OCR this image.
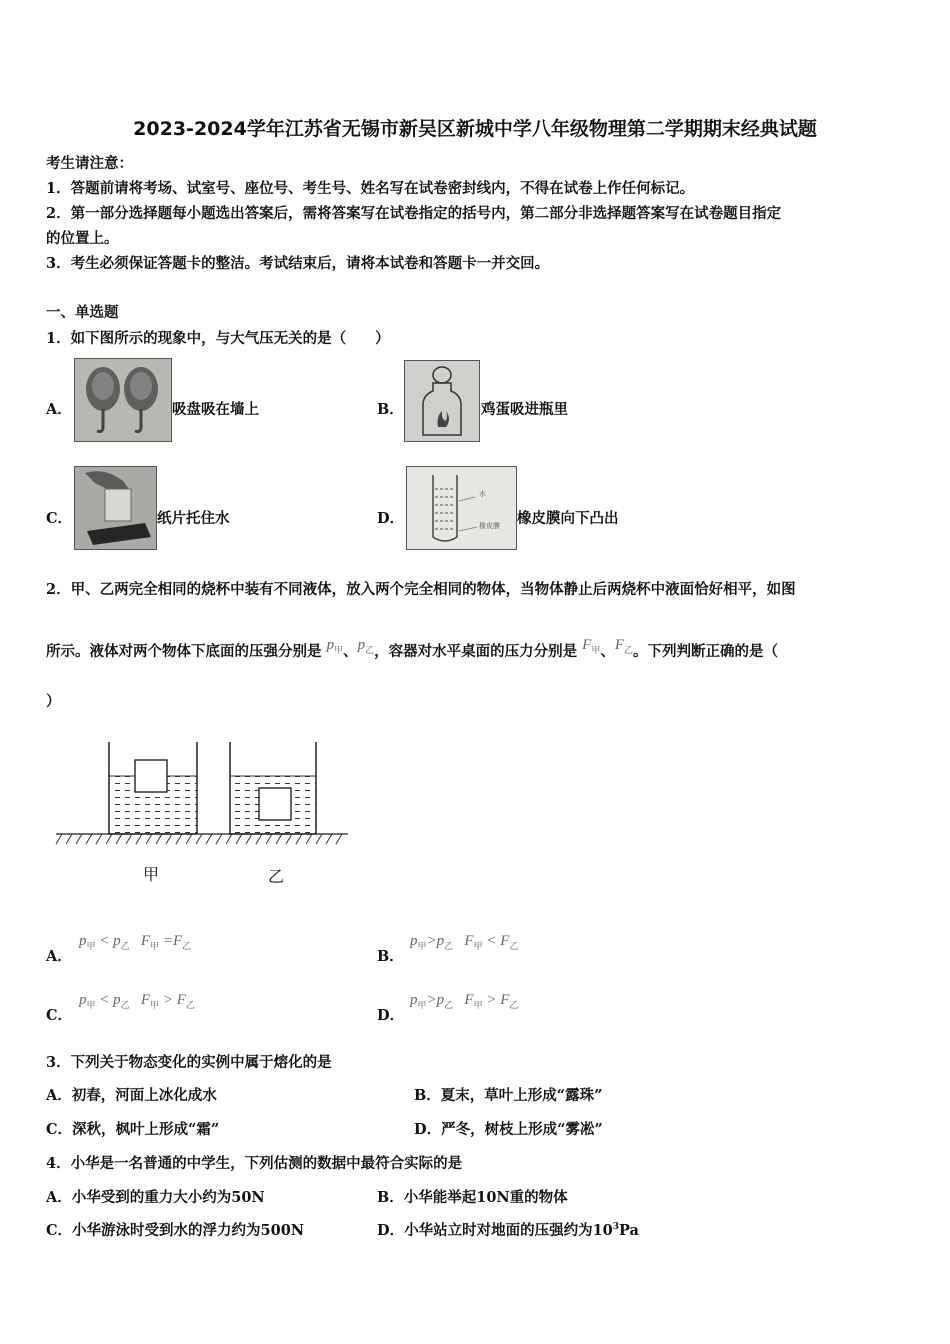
2023-2024学年江苏省无锡市新吴区新城中学八年级物理第二学期期末经典试题
考生请注意：
1．答题前请将考场、试室号、座位号、考生号、姓名写在试卷密封线内，不得在试卷上作任何标记。
2．第一部分选择题每小题选出答案后，需将答案写在试卷指定的括号内，第二部分非选择题答案写在试卷题目指定
的位置上。
3．考生必须保证答题卡的整洁。考试结束后，请将本试卷和答题卡一并交回。
一、单选题
1．如下图所示的现象中，与大气压无关的是（　　）
A．	吸盘吸在墙上	B．	鸡蛋吸进瓶里
C．	纸片托住水	D．
水
橡皮膜 橡皮膜向下凸出
2．甲、乙两完全相同的烧杯中装有不同液体，放入两个完全相同的物体，当物体静止后两烧杯中液面恰好相平，如图
所示。液体对两个物体下底面的压强分别是 $p_甲$、$p_乙$，容器对水平桌面的压力分别是 $F_甲$、$F_乙$。下列判断正确的是（
）
甲	乙
A．
$p_甲 < p_乙$ $F_甲 =F_乙$
B．
$p_甲>p_乙$ $F_甲 < F_乙$
C．
$p_甲 < p_乙$ $F_甲 > F_乙$
D．
$p_甲>p_乙$ $F_甲 > F_乙$
3．下列关于物态变化的实例中属于熔化的是
A．初春，河面上冰化成水	B．夏末，草叶上形成“露珠”
C．深秋，枫叶上形成“霜”	D．严冬，树枝上形成“雾凇”
4．小华是一名普通的中学生，下列估测的数据中最符合实际的是
A．小华受到的重力大小约为50N	B．小华能举起10N重的物体
C．小华游泳时受到水的浮力约为500N	D．小华站立时对地面的压强约为$10^3Pa$
